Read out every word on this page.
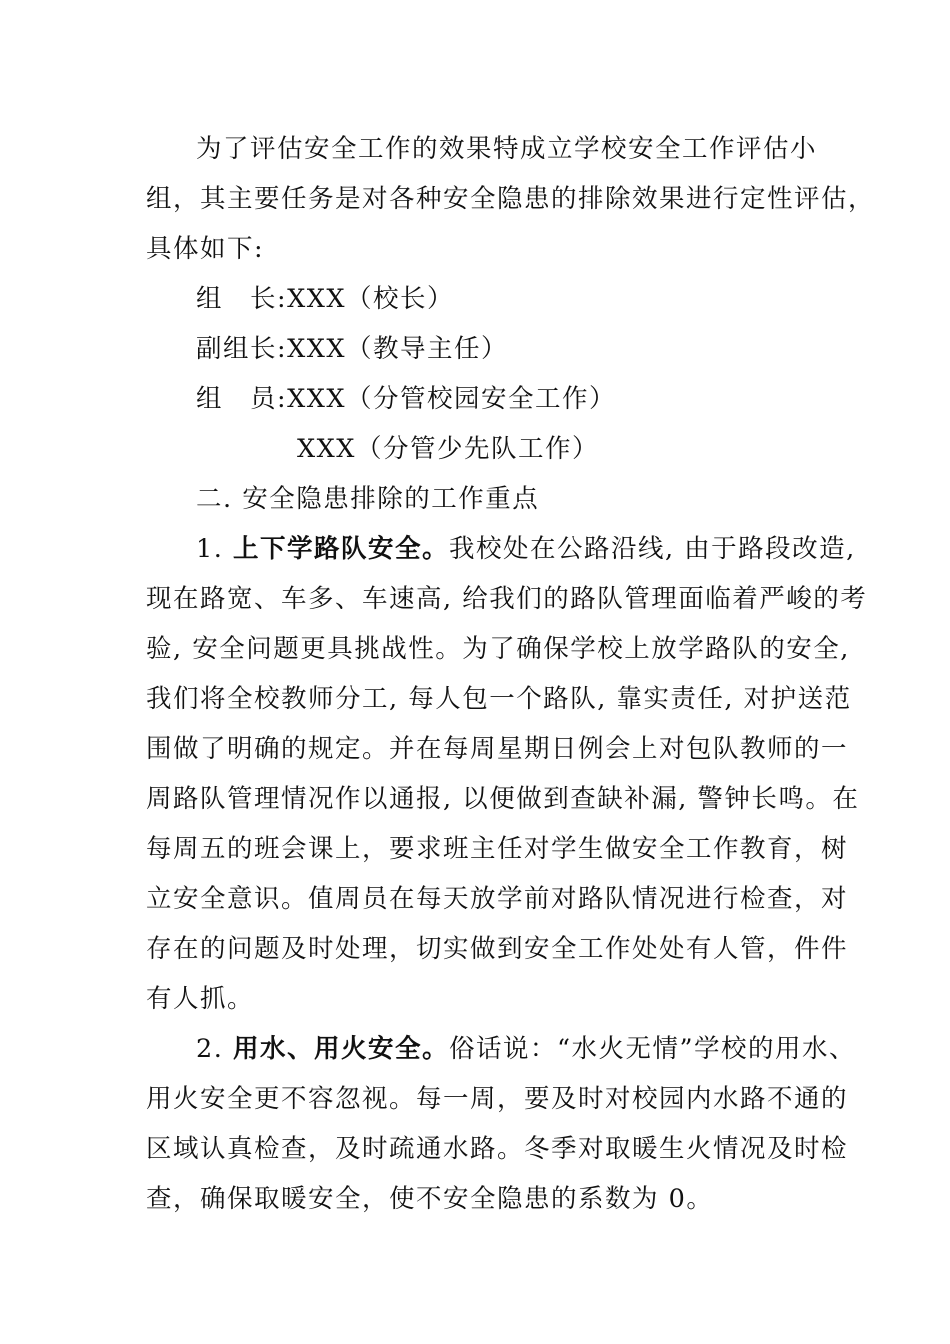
为了评估安全工作的效果特成立学校安全工作评估小

组，其主要任务是对各种安全隐患的排除效果进行定性评估，

具体如下:

组　长:XXX（校长）
副组长:XXX（教导主任）
组　员:XXX（分管校园安全工作）
XXX（分管少先队工作）

二. 安全隐患排除的工作重点

1. 上下学路队安全。我校处在公路沿线, 由于路段改造,

现在路宽、车多、车速高, 给我们的路队管理面临着严峻的考

验, 安全问题更具挑战性。为了确保学校上放学路队的安全,

我们将全校教师分工, 每人包一个路队, 靠实责任, 对护送范

围做了明确的规定。并在每周星期日例会上对包队教师的一

周路队管理情况作以通报, 以便做到查缺补漏, 警钟长鸣。在

每周五的班会课上，要求班主任对学生做安全工作教育，树

立安全意识。值周员在每天放学前对路队情况进行检查，对

存在的问题及时处理，切实做到安全工作处处有人管，件件

有人抓。

2. 用水、用火安全。俗话说：“水火无情”学校的用水、

用火安全更不容忽视。每一周，要及时对校园内水路不通的

区域认真检查，及时疏通水路。冬季对取暖生火情况及时检

查，确保取暖安全，使不安全隐患的系数为 0。
